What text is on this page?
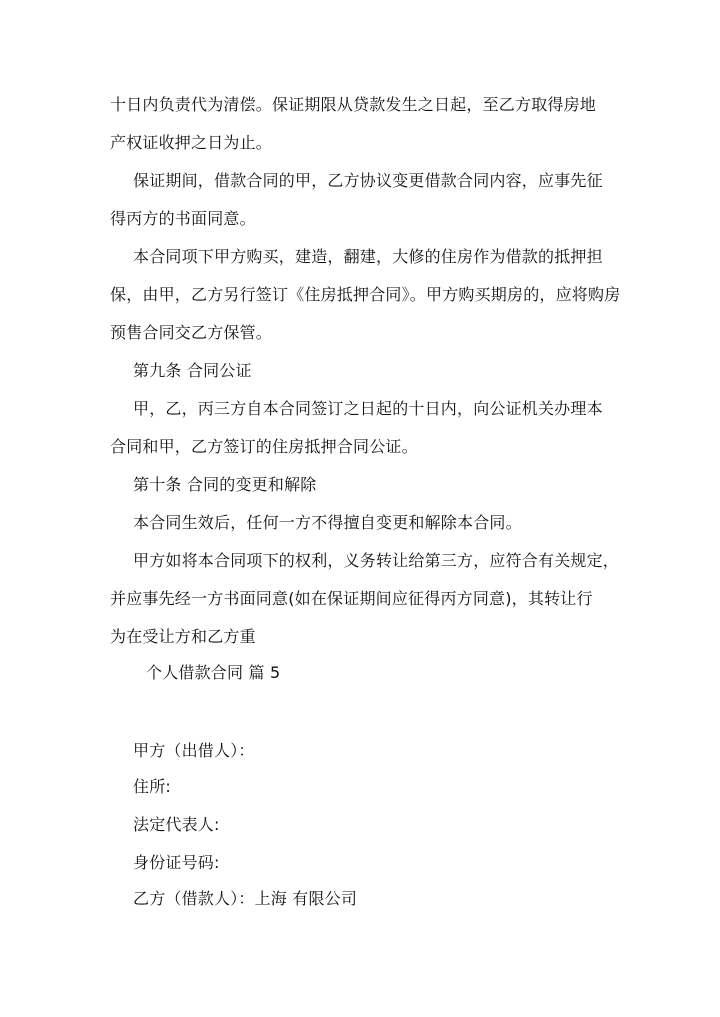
十日内负责代为清偿。保证期限从贷款发生之日起，至乙方取得房地
产权证收押之日为止。
保证期间，借款合同的甲，乙方协议变更借款合同内容，应事先征
得丙方的书面同意。
本合同项下甲方购买，建造，翻建，大修的住房作为借款的抵押担
保，由甲，乙方另行签订《住房抵押合同》。甲方购买期房的，应将购房
预售合同交乙方保管。
第九条 合同公证
甲，乙，丙三方自本合同签订之日起的十日内，向公证机关办理本
合同和甲，乙方签订的住房抵押合同公证。
第十条 合同的变更和解除
本合同生效后，任何一方不得擅自变更和解除本合同。
甲方如将本合同项下的权利，义务转让给第三方，应符合有关规定，
并应事先经一方书面同意(如在保证期间应征得丙方同意)，其转让行
为在受让方和乙方重
个人借款合同 篇 5
甲方（出借人）：
住所:
法定代表人:
身份证号码:
乙方（借款人）：上海 有限公司
